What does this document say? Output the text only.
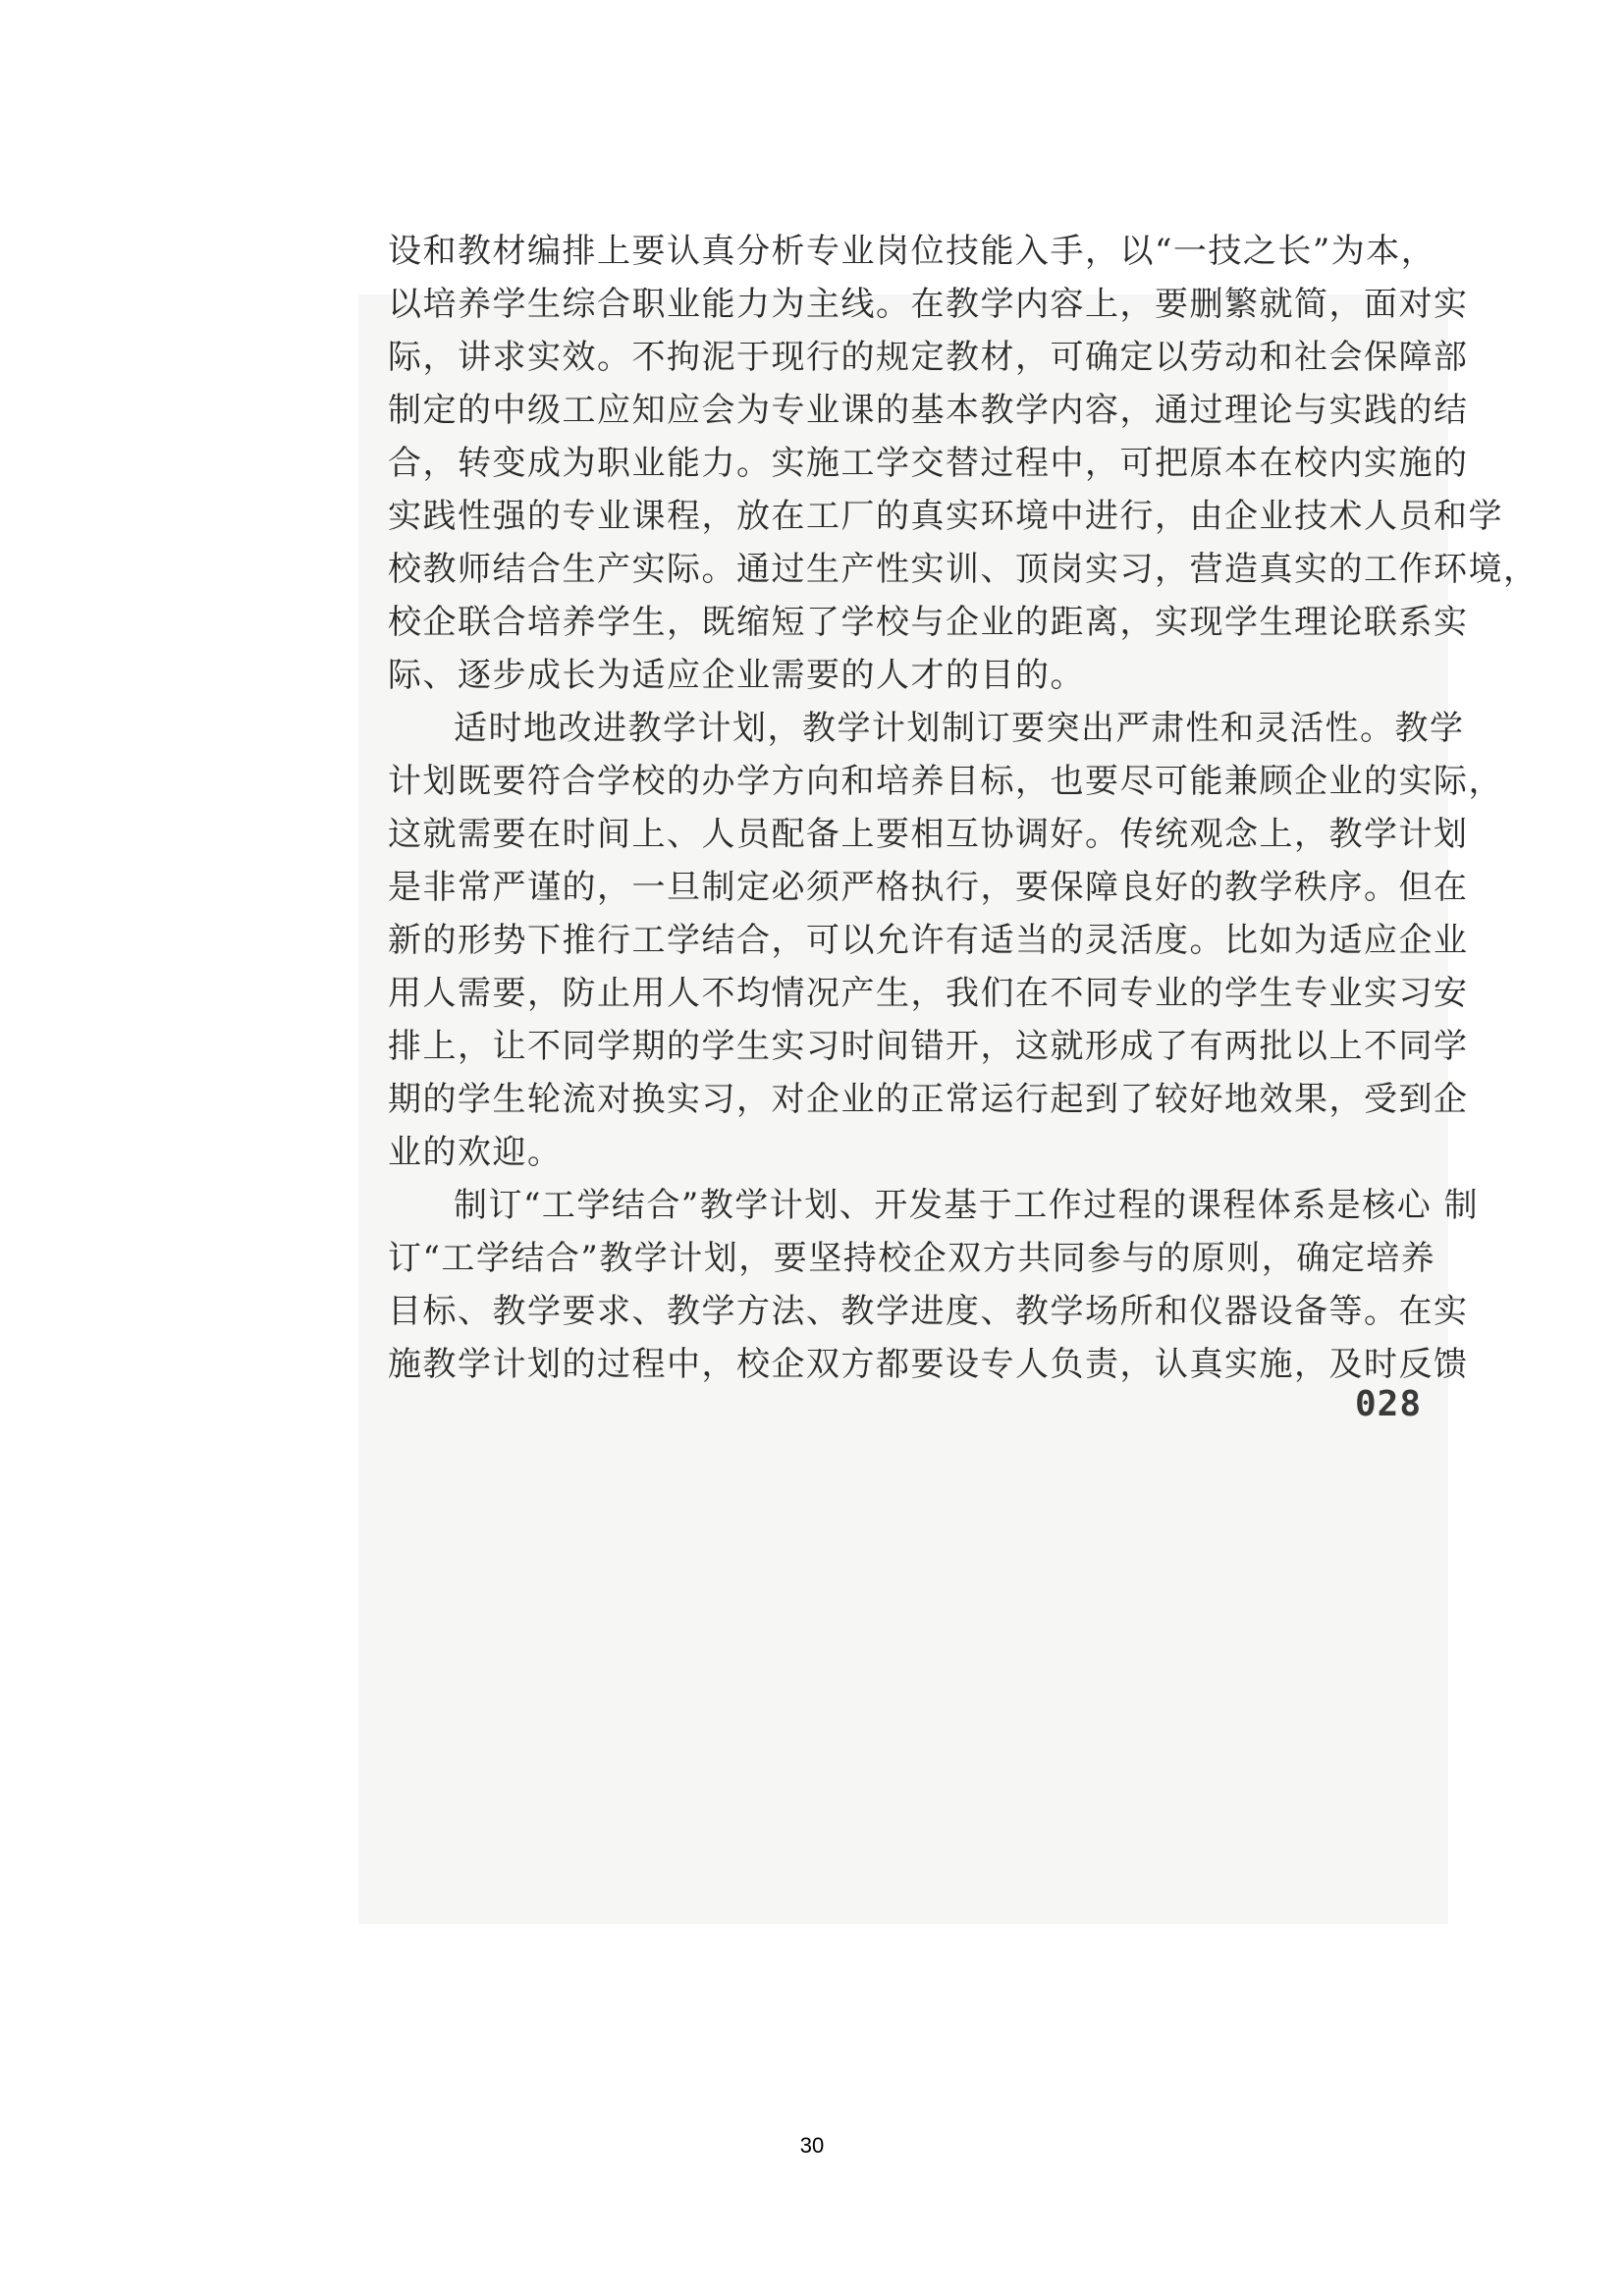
设和教材编排上要认真分析专业岗位技能入手，以“一技之长”为本，
以培养学生综合职业能力为主线。在教学内容上，要删繁就简，面对实
际，讲求实效。不拘泥于现行的规定教材，可确定以劳动和社会保障部
制定的中级工应知应会为专业课的基本教学内容，通过理论与实践的结
合，转变成为职业能力。实施工学交替过程中，可把原本在校内实施的
实践性强的专业课程，放在工厂的真实环境中进行，由企业技术人员和学
校教师结合生产实际。通过生产性实训、顶岗实习，营造真实的工作环境，
校企联合培养学生，既缩短了学校与企业的距离，实现学生理论联系实
际、逐步成长为适应企业需要的人才的目的。
适时地改进教学计划，教学计划制订要突出严肃性和灵活性。教学
计划既要符合学校的办学方向和培养目标，也要尽可能兼顾企业的实际，
这就需要在时间上、人员配备上要相互协调好。传统观念上，教学计划
是非常严谨的，一旦制定必须严格执行，要保障良好的教学秩序。但在
新的形势下推行工学结合，可以允许有适当的灵活度。比如为适应企业
用人需要，防止用人不均情况产生，我们在不同专业的学生专业实习安
排上，让不同学期的学生实习时间错开，这就形成了有两批以上不同学
期的学生轮流对换实习，对企业的正常运行起到了较好地效果，受到企
业的欢迎。
制订“工学结合”教学计划、开发基于工作过程的课程体系是核心 制
订“工学结合”教学计划，要坚持校企双方共同参与的原则，确定培养
目标、教学要求、教学方法、教学进度、教学场所和仪器设备等。在实
施教学计划的过程中，校企双方都要设专人负责，认真实施，及时反馈
028
30
